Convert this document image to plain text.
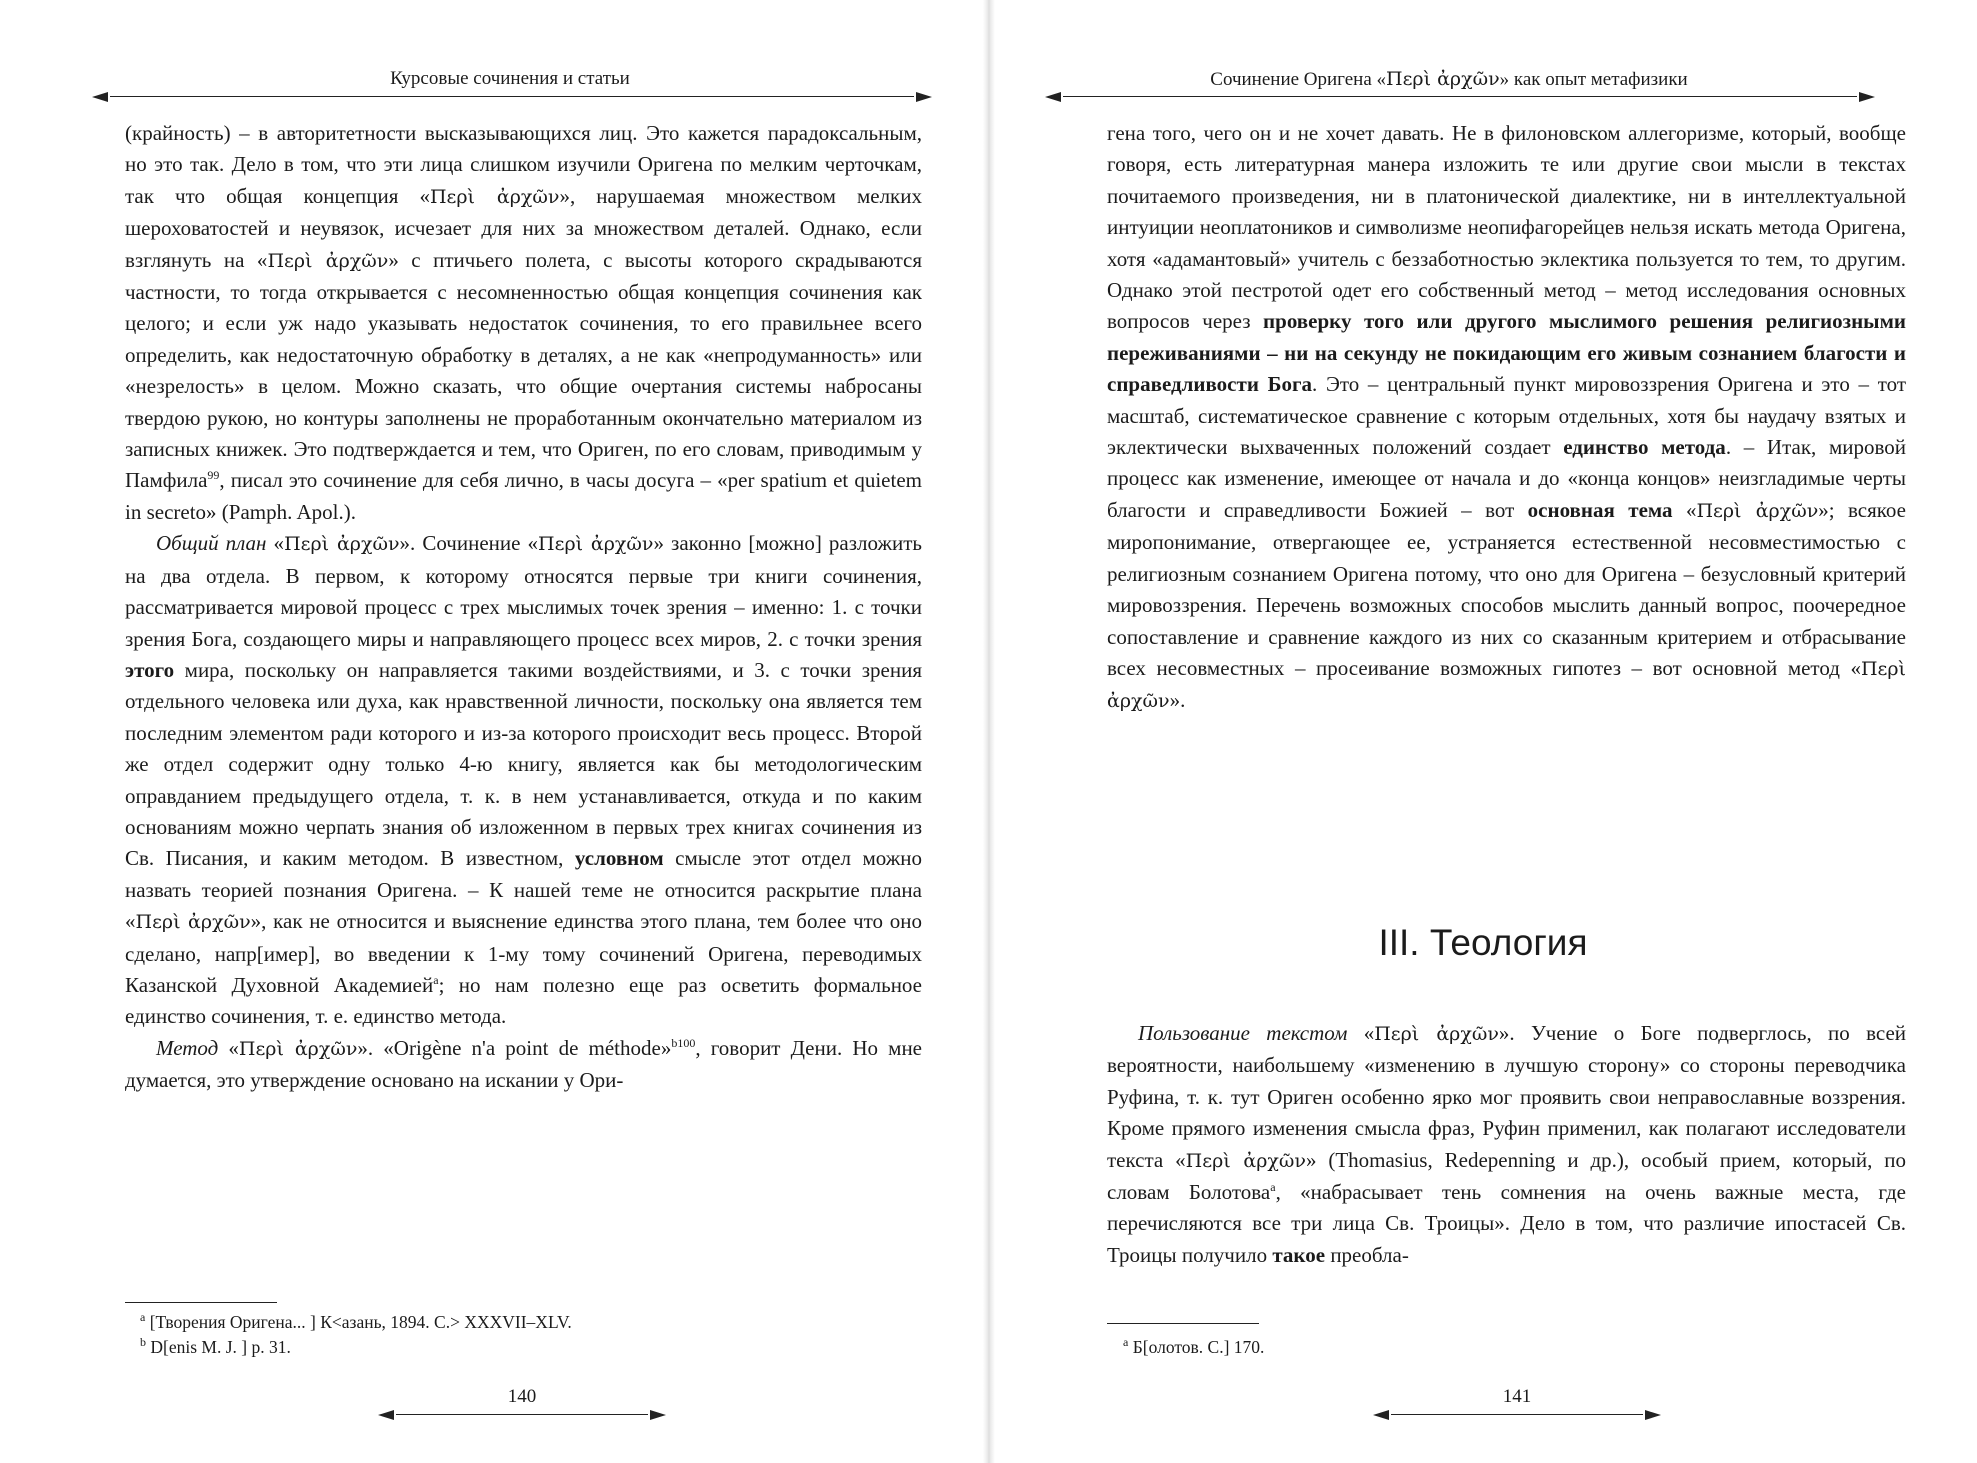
Курсовые сочинения и статьи

(крайность) – в авторитетности высказывающихся лиц. Это кажется парадоксальным, но это так. Дело в том, что эти лица слишком изучили Оригена по мелким черточкам, так что общая концепция «Περὶ ἀρχῶν», нарушаемая множеством мелких шероховатостей и неувязок, исчезает для них за множеством деталей. Однако, если взглянуть на «Περὶ ἀρχῶν» с птичьего полета, с высоты которого скрадываются частности, то тогда открывается с несомненностью общая концепция сочинения как целого; и если уж надо указывать недостаток сочинения, то его правильнее всего определить, как недостаточную обработку в деталях, а не как «непродуманность» или «незрелость» в целом. Можно сказать, что общие очертания системы набросаны твердою рукою, но контуры заполнены не проработанным окончательно материалом из записных книжек. Это подтверждается и тем, что Ориген, по его словам, приводимым у Памфила$^{99}$, писал это сочинение для себя лично, в часы досуга – «per spatium et quietem in secreto» (Pamph. Apol.).

Общий план «Περὶ ἀρχῶν». Сочинение «Περὶ ἀρχῶν» законно [можно] разложить на два отдела. В первом, к которому относятся первые три книги сочинения, рассматривается мировой процесс с трех мыслимых точек зрения – именно: 1. с точки зрения Бога, создающего миры и направляющего процесс всех миров, 2. с точки зрения этого мира, поскольку он направляется такими воздействиями, и 3. с точки зрения отдельного человека или духа, как нравственной личности, поскольку она является тем последним элементом ради которого и из-за которого происходит весь процесс. Второй же отдел содержит одну только 4-ю книгу, является как бы методологическим оправданием предыдущего отдела, т. к. в нем устанавливается, откуда и по каким основаниям можно черпать знания об изложенном в первых трех книгах сочинения из Св. Писания, и каким методом. В известном, условном смысле этот отдел можно назвать теорией познания Оригена. – К нашей теме не относится раскрытие плана «Περὶ ἀρχῶν», как не относится и выяснение единства этого плана, тем более что оно сделано, напр[имер], во введении к 1-му тому сочинений Оригена, переводимых Казанской Духовной Академией$^a$; но нам полезно еще раз осветить формальное единство сочинения, т. е. единство метода.

Метод «Περὶ ἀρχῶν». «Origène n'a point de méthode»$^{b100}$, говорит Дени. Но мне думается, это утверждение основано на искании у Ори-

$^a$ [Творения Оригена... ] К<азань, 1894. С.> XXXVII–XLV.
$^b$ D[enis M. J. ] p. 31.
140
Сочинение Оригена «Περὶ ἀρχῶν» как опыт метафизики

гена того, чего он и не хочет давать. Не в филоновском аллегоризме, который, вообще говоря, есть литературная манера изложить те или другие свои мысли в текстах почитаемого произведения, ни в платонической диалектике, ни в интеллектуальной интуиции неоплатоников и символизме неопифагорейцев нельзя искать метода Оригена, хотя «адамантовый» учитель с беззаботностью эклектика пользуется то тем, то другим. Однако этой пестротой одет его собственный метод – метод исследования основных вопросов через проверку того или другого мыслимого решения религиозными переживаниями – ни на секунду не покидающим его живым сознанием благости и справедливости Бога. Это – центральный пункт мировоззрения Оригена и это – тот масштаб, систематическое сравнение с которым отдельных, хотя бы наудачу взятых и эклектически выхваченных положений создает единство метода. – Итак, мировой процесс как изменение, имеющее от начала и до «конца концов» неизгладимые черты благости и справедливости Божией – вот основная тема «Περὶ ἀρχῶν»; всякое миропонимание, отвергающее ее, устраняется естественной несовместимостью с религиозным сознанием Оригена потому, что оно для Оригена – безусловный критерий мировоззрения. Перечень возможных способов мыслить данный вопрос, поочередное сопоставление и сравнение каждого из них со сказанным критерием и отбрасывание всех несовместных – просеивание возможных гипотез – вот основной метод «Περὶ ἀρχῶν».

III. Теология

Пользование текстом «Περὶ ἀρχῶν». Учение о Боге подверглось, по всей вероятности, наибольшему «изменению в лучшую сторону» со стороны переводчика Руфина, т. к. тут Ориген особенно ярко мог проявить свои неправославные воззрения. Кроме прямого изменения смысла фраз, Руфин применил, как полагают исследователи текста «Περὶ ἀρχῶν» (Thomasius, Redepenning и др.), особый прием, который, по словам Болотова$^a$, «набрасывает тень сомнения на очень важные места, где перечисляются все три лица Св. Троицы». Дело в том, что различие ипостасей Св. Троицы получило такое преобла-

$^a$ Б[олотов. С.] 170.
141
